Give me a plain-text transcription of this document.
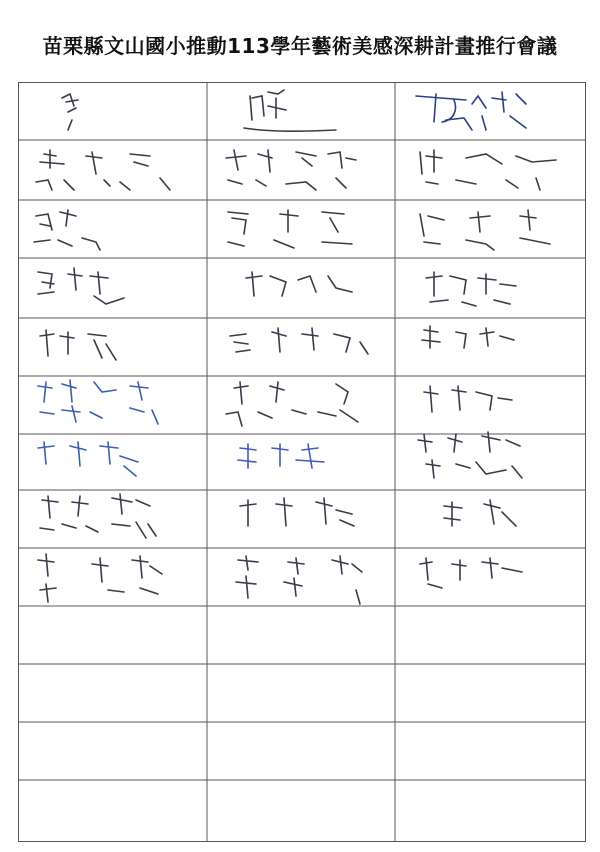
苗栗縣文山國小推動113學年藝術美感深耕計畫推行會議
